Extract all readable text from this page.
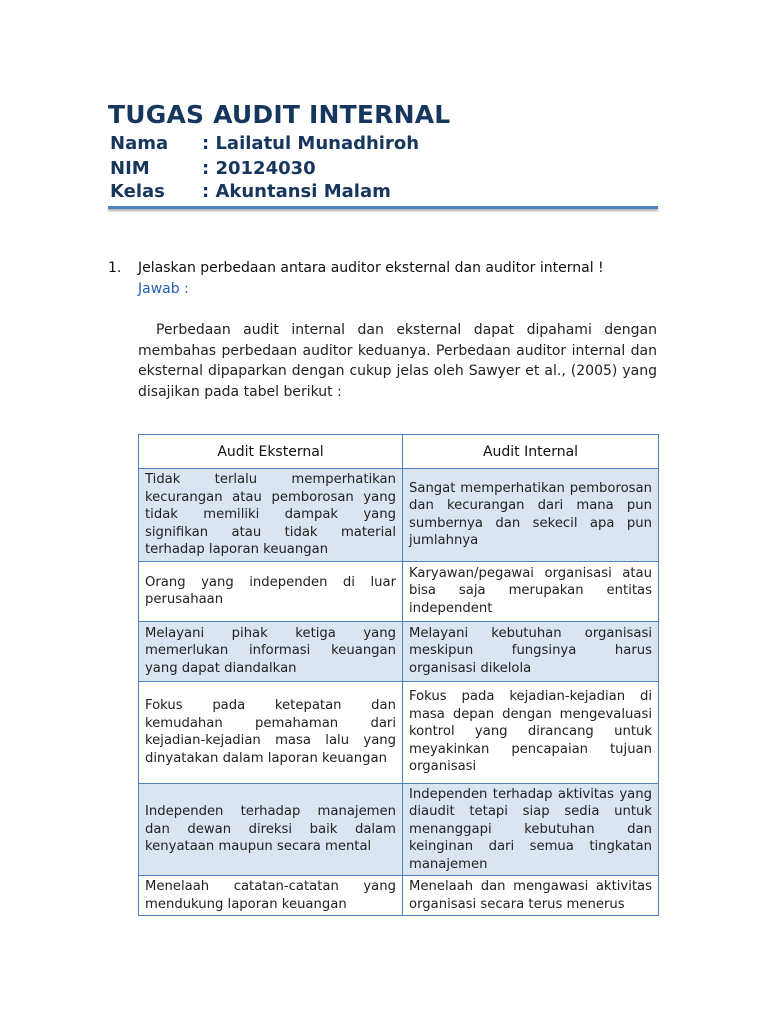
TUGAS AUDIT INTERNAL
Nama : Lailatul Munadhiroh
NIM	: 20124030
Kelas : Akuntansi Malam
1. Jelaskan perbedaan antara auditor eksternal dan auditor internal !
Jawab :
Perbedaan audit internal dan eksternal dapat dipahami dengan membahas perbedaan auditor keduanya. Perbedaan auditor internal dan eksternal dipaparkan dengan cukup jelas oleh Sawyer et al., (2005) yang disajikan pada tabel berikut :
Audit Eksternal	Audit Internal
Tidak terlalu memperhatikan kecurangan atau pemborosan yang tidak memiliki dampak yang signifikan atau tidak material terhadap laporan keuangan	Sangat memperhatikan pemborosan dan kecurangan dari mana pun sumbernya dan sekecil apa pun jumlahnya
Orang yang independen di luar perusahaan	Karyawan/pegawai organisasi atau bisa saja merupakan entitas independent
Melayani pihak ketiga yang memerlukan informasi keuangan yang dapat diandalkan	Melayani kebutuhan organisasi meskipun fungsinya harus organisasi dikelola
Fokus pada ketepatan dan kemudahan pemahaman dari kejadian-kejadian masa lalu yang dinyatakan dalam laporan keuangan	Fokus pada kejadian-kejadian di masa depan dengan mengevaluasi kontrol yang dirancang untuk meyakinkan pencapaian tujuan organisasi
Independen terhadap manajemen dan dewan direksi baik dalam kenyataan maupun secara mental	Independen terhadap aktivitas yang diaudit tetapi siap sedia untuk menanggapi kebutuhan dan keinginan dari semua tingkatan manajemen
Menelaah catatan-catatan yang mendukung laporan keuangan	Menelaah dan mengawasi aktivitas organisasi secara terus menerus
